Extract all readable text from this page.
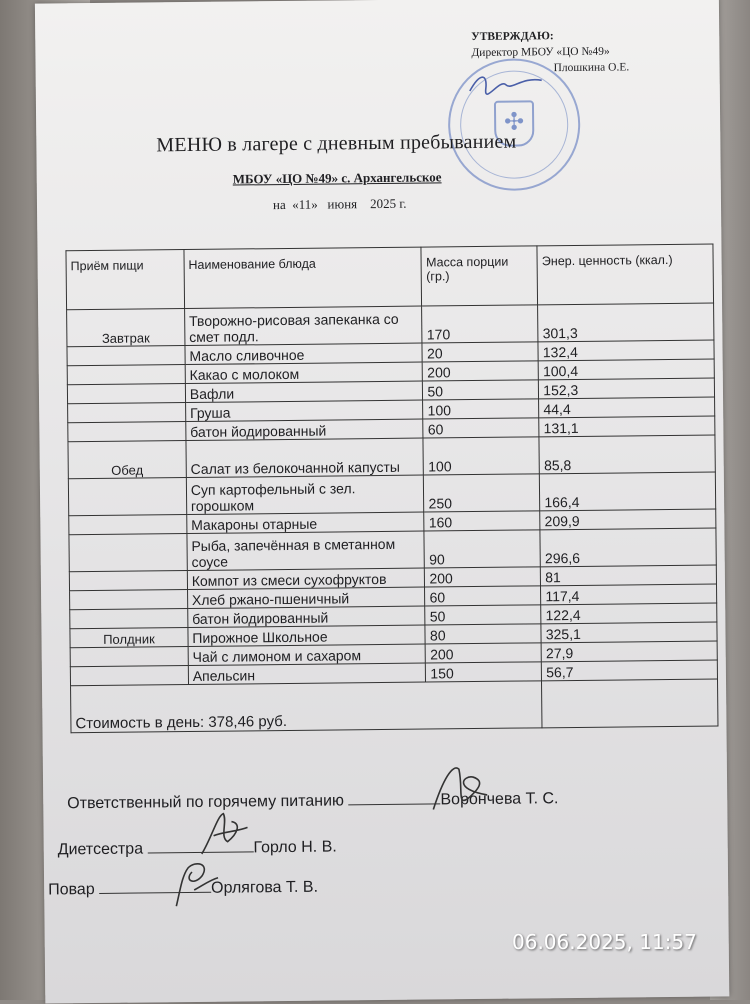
УТВЕРЖДАЮ:
Директор МБОУ «ЦО №49»
Плошкина О.Е.
✣
МЕНЮ в лагере с дневным пребыванием
МБОУ «ЦО №49» с. Архангельское
на  «11»   июня    2025 г.
Приём пищи	Наименование блюда	Масса порции (гр.)	Энер. ценность (ккал.)
Завтрак	Творожно-рисовая запеканка со смет подл.	170	301,3
	Масло сливочное	20	132,4
	Какао с молоком	200	100,4
	Вафли	50	152,3
	Груша	100	44,4
	батон йодированный	60	131,1
Обед	Салат из белокочанной капусты	100	85,8
	Суп картофельный с зел. горошком	250	166,4
	Макароны отарные	160	209,9
	Рыба, запечённая в сметанном соусе	90	296,6
	Компот из смеси сухофруктов	200	81
	Хлеб ржано-пшеничный	60	117,4
	батон йодированный	50	122,4
Полдник	Пирожное Школьное	80	325,1
	Чай с лимоном и сахаром	200	27,9
	Апельсин	150	56,7
Стоимость в день: 378,46 руб.			
Ответственный по горячему питанию	Ворончева Т. С.
Диетсестра	Горло Н. В.
Повар	Орлягова Т. В.
06.06.2025, 11:57
